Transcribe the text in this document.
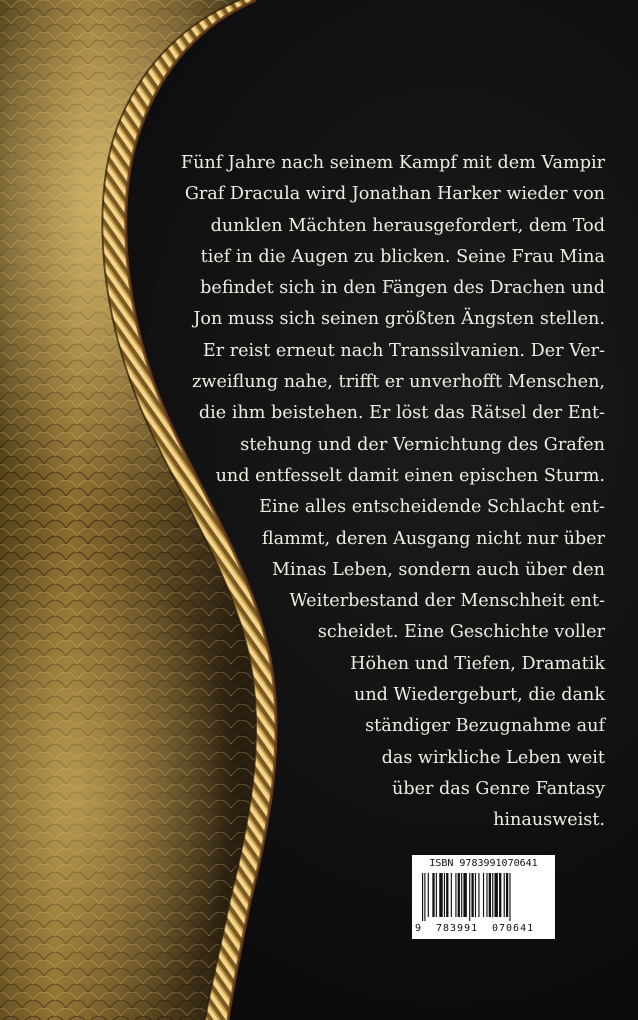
Fünf Jahre nach seinem Kampf mit dem Vampir
Graf Dracula wird Jonathan Harker wieder von
dunklen Mächten herausgefordert, dem Tod
tief in die Augen zu blicken. Seine Frau Mina
befindet sich in den Fängen des Drachen und
Jon muss sich seinen größten Ängsten stellen.
Er reist erneut nach Transsilvanien. Der Ver-
zweiflung nahe, trifft er unverhofft Menschen,
die ihm beistehen. Er löst das Rätsel der Ent-
stehung und der Vernichtung des Grafen
und entfesselt damit einen epischen Sturm.
Eine alles entscheidende Schlacht ent-
flammt, deren Ausgang nicht nur über
Minas Leben, sondern auch über den
Weiterbestand der Menschheit ent-
scheidet. Eine Geschichte voller
Höhen und Tiefen, Dramatik
und Wiedergeburt, die dank
ständiger Bezugnahme auf
das wirkliche Leben weit
über das Genre Fantasy
hinausweist.
ISBN 9783991070641
9 783991 070641
